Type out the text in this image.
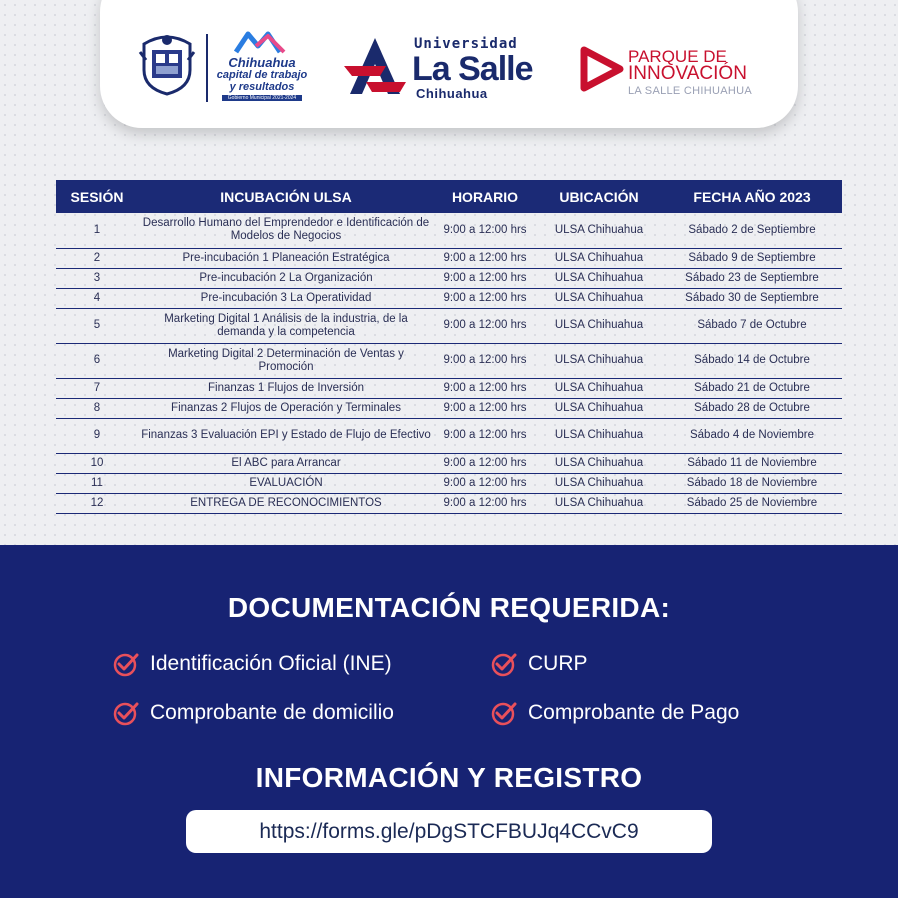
Chihuahua
capital de trabajo
y resultados
Gobierno Municipal 2021-2024
Universidad
La Salle
Chihuahua
PARQUE DE
INNOVACIÓN
LA SALLE CHIHUAHUA
SESIÓN	INCUBACIÓN ULSA	HORARIO	UBICACIÓN	FECHA AÑO 2023
1	Desarrollo Humano del Emprendedor e Identificación de Modelos de Negocios	9:00 a 12:00 hrs	ULSA Chihuahua	Sábado 2 de Septiembre
2	Pre-incubación 1 Planeación Estratégica	9:00 a 12:00 hrs	ULSA Chihuahua	Sábado 9 de Septiembre
3	Pre-incubación 2 La Organización	9:00 a 12:00 hrs	ULSA Chihuahua	Sábado 23 de Septiembre
4	Pre-incubación 3 La Operatividad	9:00 a 12:00 hrs	ULSA Chihuahua	Sábado 30 de Septiembre
5	Marketing Digital 1 Análisis de la industria, de la demanda y la competencia	9:00 a 12:00 hrs	ULSA Chihuahua	Sábado 7 de Octubre
6	Marketing Digital 2 Determinación de Ventas y Promoción	9:00 a 12:00 hrs	ULSA Chihuahua	Sábado 14 de Octubre
7	Finanzas 1 Flujos de Inversión	9:00 a 12:00 hrs	ULSA Chihuahua	Sábado 21 de Octubre
8	Finanzas 2 Flujos de Operación y Terminales	9:00 a 12:00 hrs	ULSA Chihuahua	Sábado 28 de Octubre
9	Finanzas 3 Evaluación EPI y Estado de Flujo de Efectivo	9:00 a 12:00 hrs	ULSA Chihuahua	Sábado 4 de Noviembre
10	El ABC para Arrancar	9:00 a 12:00 hrs	ULSA Chihuahua	Sábado 11 de Noviembre
11	EVALUACIÓN	9:00 a 12:00 hrs	ULSA Chihuahua	Sábado 18 de Noviembre
12	ENTREGA DE RECONOCIMIENTOS	9:00 a 12:00 hrs	ULSA Chihuahua	Sábado 25 de Noviembre
DOCUMENTACIÓN REQUERIDA:
Identificación Oficial (INE)	CURP
Comprobante de domicilio	Comprobante de Pago
INFORMACIÓN Y REGISTRO
https://forms.gle/pDgSTCFBUJq4CCvC9
